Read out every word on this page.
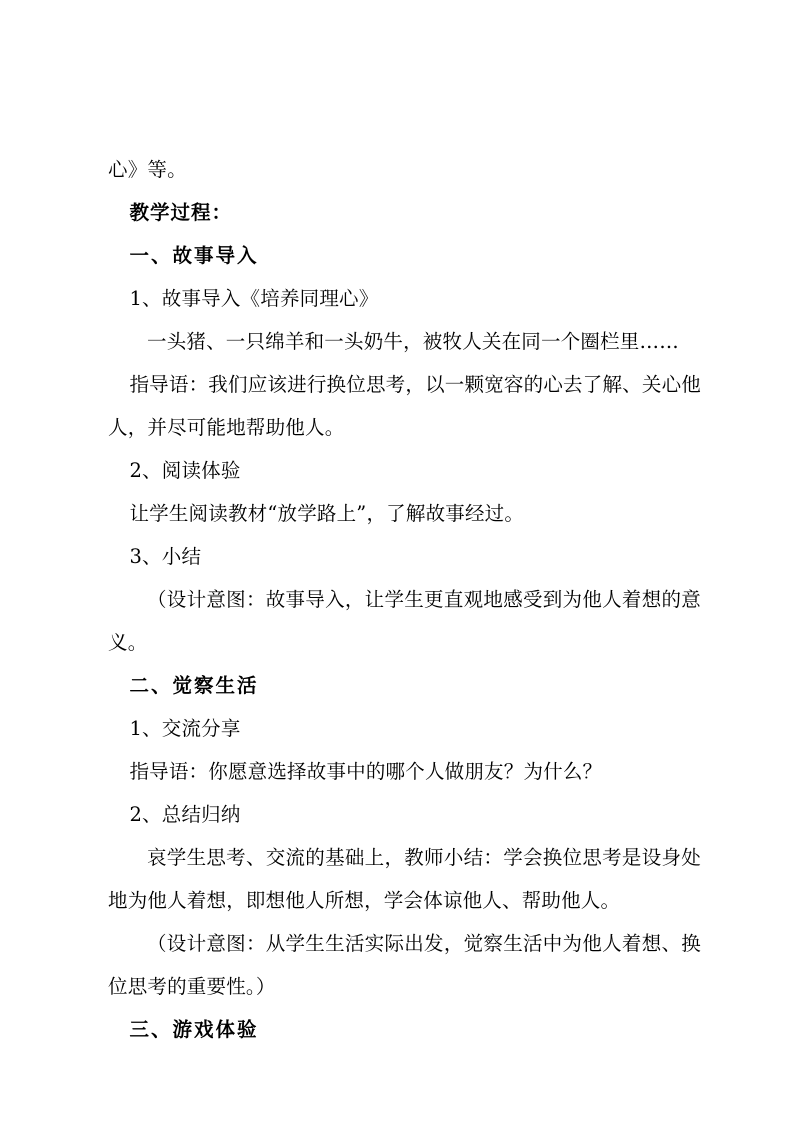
心》等。

教学过程：

一、故事导入

1、故事导入《培养同理心》

一头猪、一只绵羊和一头奶牛，被牧人关在同一个圈栏里……

指导语：我们应该进行换位思考，以一颗宽容的心去了解、关心他人，并尽可能地帮助他人。

2、阅读体验

让学生阅读教材“放学路上”，了解故事经过。

3、小结

（设计意图：故事导入，让学生更直观地感受到为他人着想的意义。

二、觉察生活

1、交流分享

指导语：你愿意选择故事中的哪个人做朋友？为什么？

2、总结归纳

哀学生思考、交流的基础上，教师小结：学会换位思考是设身处地为他人着想，即想他人所想，学会体谅他人、帮助他人。

（设计意图：从学生生活实际出发，觉察生活中为他人着想、换位思考的重要性。）

三、游戏体验
